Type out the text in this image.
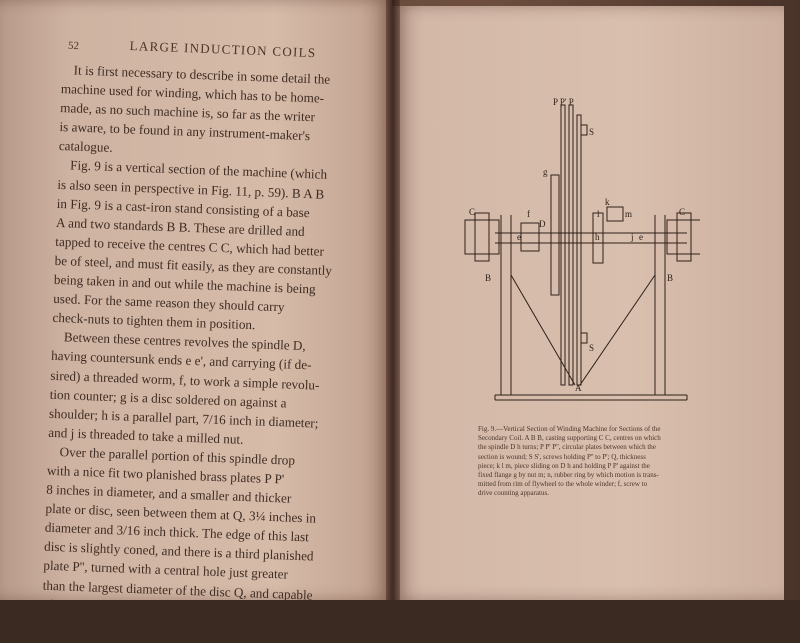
52	LARGE INDUCTION COILS
It is first necessary to describe in some detail the
machine used for winding, which has to be home-
made, as no such machine is, so far as the writer
is aware, to be found in any instrument-maker's
catalogue.
Fig. 9 is a vertical section of the machine (which
is also seen in perspective in Fig. 11, p. 59). B A B
in Fig. 9 is a cast-iron stand consisting of a base
A and two standards B B. These are drilled and
tapped to receive the centres C C, which had better
be of steel, and must fit easily, as they are constantly
being taken in and out while the machine is being
used. For the same reason they should carry
check-nuts to tighten them in position.
Between these centres revolves the spindle D,
having countersunk ends e e', and carrying (if de-
sired) a threaded worm, f, to work a simple revolu-
tion counter; g is a disc soldered on against a
shoulder; h is a parallel part, 7/16 inch in diameter;
and j is threaded to take a milled nut.
Over the parallel portion of this spindle drop
with a nice fit two planished brass plates P P'
8 inches in diameter, and a smaller and thicker
plate or disc, seen between them at Q, 3¼ inches in
diameter and 3/16 inch thick. The edge of this last
disc is slightly coned, and there is a third planished
plate P'', turned with a central hole just greater
than the largest diameter of the disc Q, and capable
of being attached to P' by two small screws S S'.
The plates P, P', and P'' have their edges turned
P P' P
S
S
g
f
D
e	h
k
l	m
j e
C	C
B	B
A
Fig. 9.—Vertical Section of Winding Machine for Sections of the
Secondary Coil. A B B, casting supporting C C, centres on which
the spindle D h turns; P P' P'', circular plates between which the
section is wound; S S', screws holding P'' to P'; Q, thickness
piece; k l m, piece sliding on D h and holding P P' against the
fixed flange g by nut m; n, rubber ring by which motion is trans-
mitted from rim of flywheel to the whole winder; f, screw to
drive counting apparatus.
